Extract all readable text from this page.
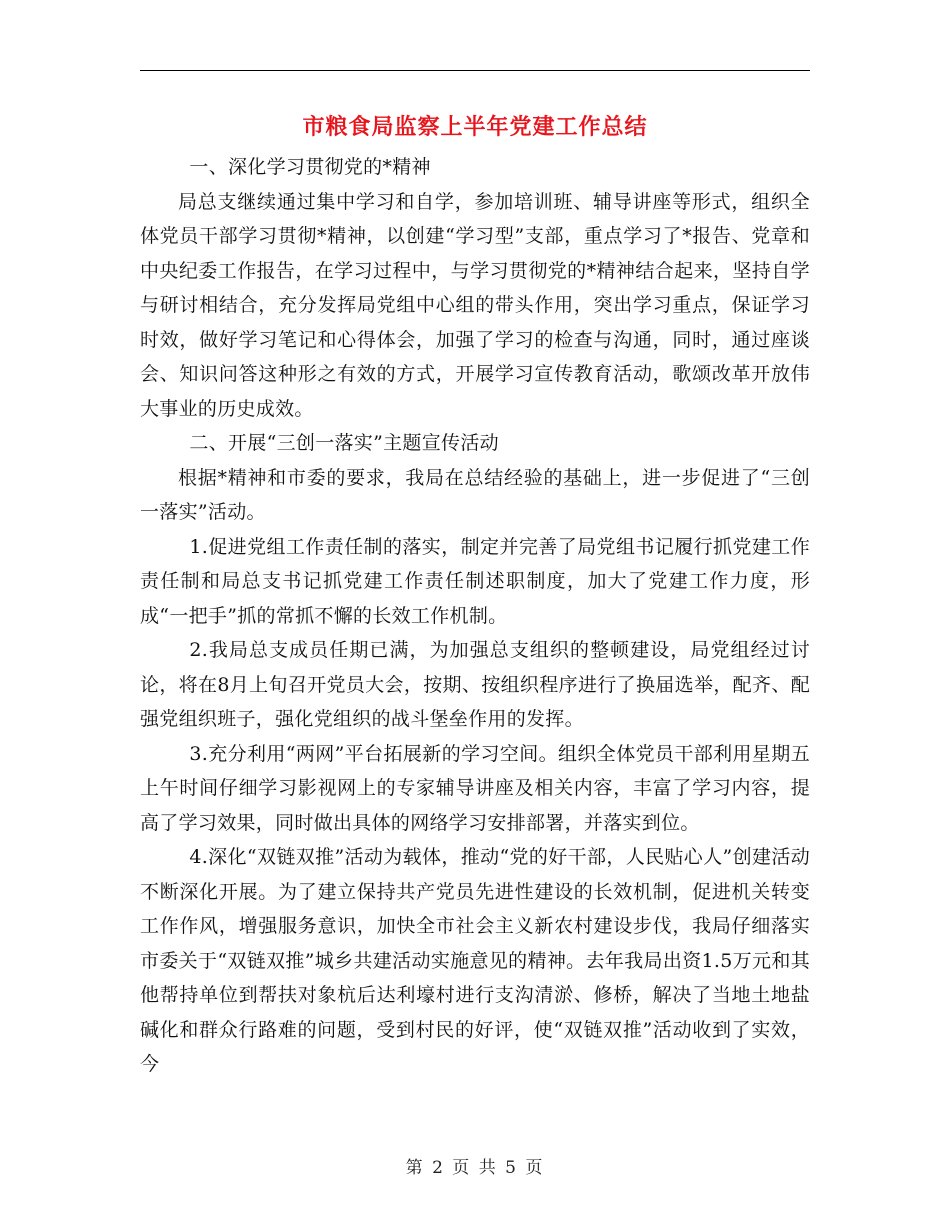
市粮食局监察上半年党建工作总结

一、深化学习贯彻党的*精神

局总支继续通过集中学习和自学，参加培训班、辅导讲座等形式，组织全体党员干部学习贯彻*精神，以创建“学习型”支部，重点学习了*报告、党章和中央纪委工作报告，在学习过程中，与学习贯彻党的*精神结合起来，坚持自学与研讨相结合，充分发挥局党组中心组的带头作用，突出学习重点，保证学习时效，做好学习笔记和心得体会，加强了学习的检查与沟通，同时，通过座谈会、知识问答这种形之有效的方式，开展学习宣传教育活动，歌颂改革开放伟大事业的历史成效。

二、开展“三创一落实”主题宣传活动

根据*精神和市委的要求，我局在总结经验的基础上，进一步促进了“三创一落实”活动。

1.促进党组工作责任制的落实，制定并完善了局党组书记履行抓党建工作责任制和局总支书记抓党建工作责任制述职制度，加大了党建工作力度，形成“一把手”抓的常抓不懈的长效工作机制。

2.我局总支成员任期已满，为加强总支组织的整顿建设，局党组经过讨论，将在8月上旬召开党员大会，按期、按组织程序进行了换届选举，配齐、配强党组织班子，强化党组织的战斗堡垒作用的发挥。

3.充分利用“两网”平台拓展新的学习空间。组织全体党员干部利用星期五上午时间仔细学习影视网上的专家辅导讲座及相关内容，丰富了学习内容，提高了学习效果，同时做出具体的网络学习安排部署，并落实到位。

4.深化“双链双推”活动为载体，推动“党的好干部，人民贴心人”创建活动不断深化开展。为了建立保持共产党员先进性建设的长效机制，促进机关转变工作作风，增强服务意识，加快全市社会主义新农村建设步伐，我局仔细落实市委关于“双链双推”城乡共建活动实施意见的精神。去年我局出资1.5万元和其他帮持单位到帮扶对象杭后达利壕村进行支沟清淤、修桥，解决了当地土地盐碱化和群众行路难的问题，受到村民的好评，使“双链双推”活动收到了实效，今

第 2 页 共 5 页
